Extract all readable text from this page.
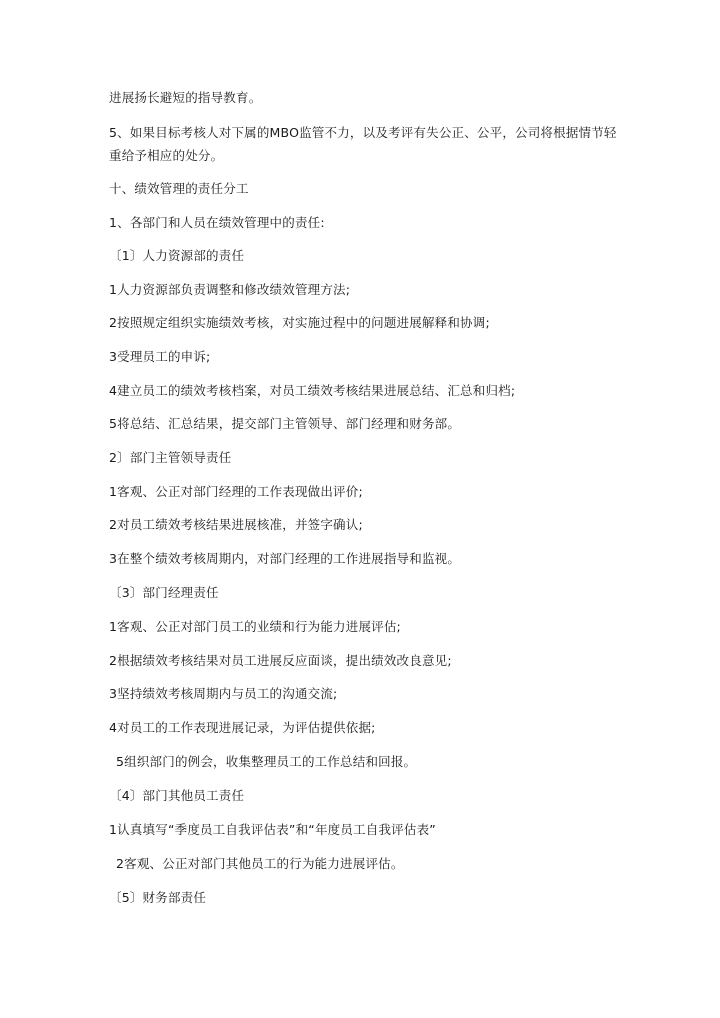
进展扬长避短的指导教育。
5、如果目标考核人对下属的MBO监管不力，以及考评有失公正、公平，公司将根据情节轻
重给予相应的处分。
十、绩效管理的责任分工
1、各部门和人员在绩效管理中的责任:
〔1〕人力资源部的责任
1人力资源部负责调整和修改绩效管理方法;
2按照规定组织实施绩效考核，对实施过程中的问题进展解释和协调;
3受理员工的申诉;
4建立员工的绩效考核档案，对员工绩效考核结果进展总结、汇总和归档;
5将总结、汇总结果，提交部门主管领导、部门经理和财务部。
2〕部门主管领导责任
1客观、公正对部门经理的工作表现做出评价;
2对员工绩效考核结果进展核准，并签字确认;
3在整个绩效考核周期内，对部门经理的工作进展指导和监视。
〔3〕部门经理责任
1客观、公正对部门员工的业绩和行为能力进展评估;
2根据绩效考核结果对员工进展反应面谈，提出绩效改良意见;
3坚持绩效考核周期内与员工的沟通交流;
4对员工的工作表现进展记录，为评估提供依据;
5组织部门的例会，收集整理员工的工作总结和回报。
〔4〕部门其他员工责任
1认真填写“季度员工自我评估表”和“年度员工自我评估表”
2客观、公正对部门其他员工的行为能力进展评估。
〔5〕财务部责任
